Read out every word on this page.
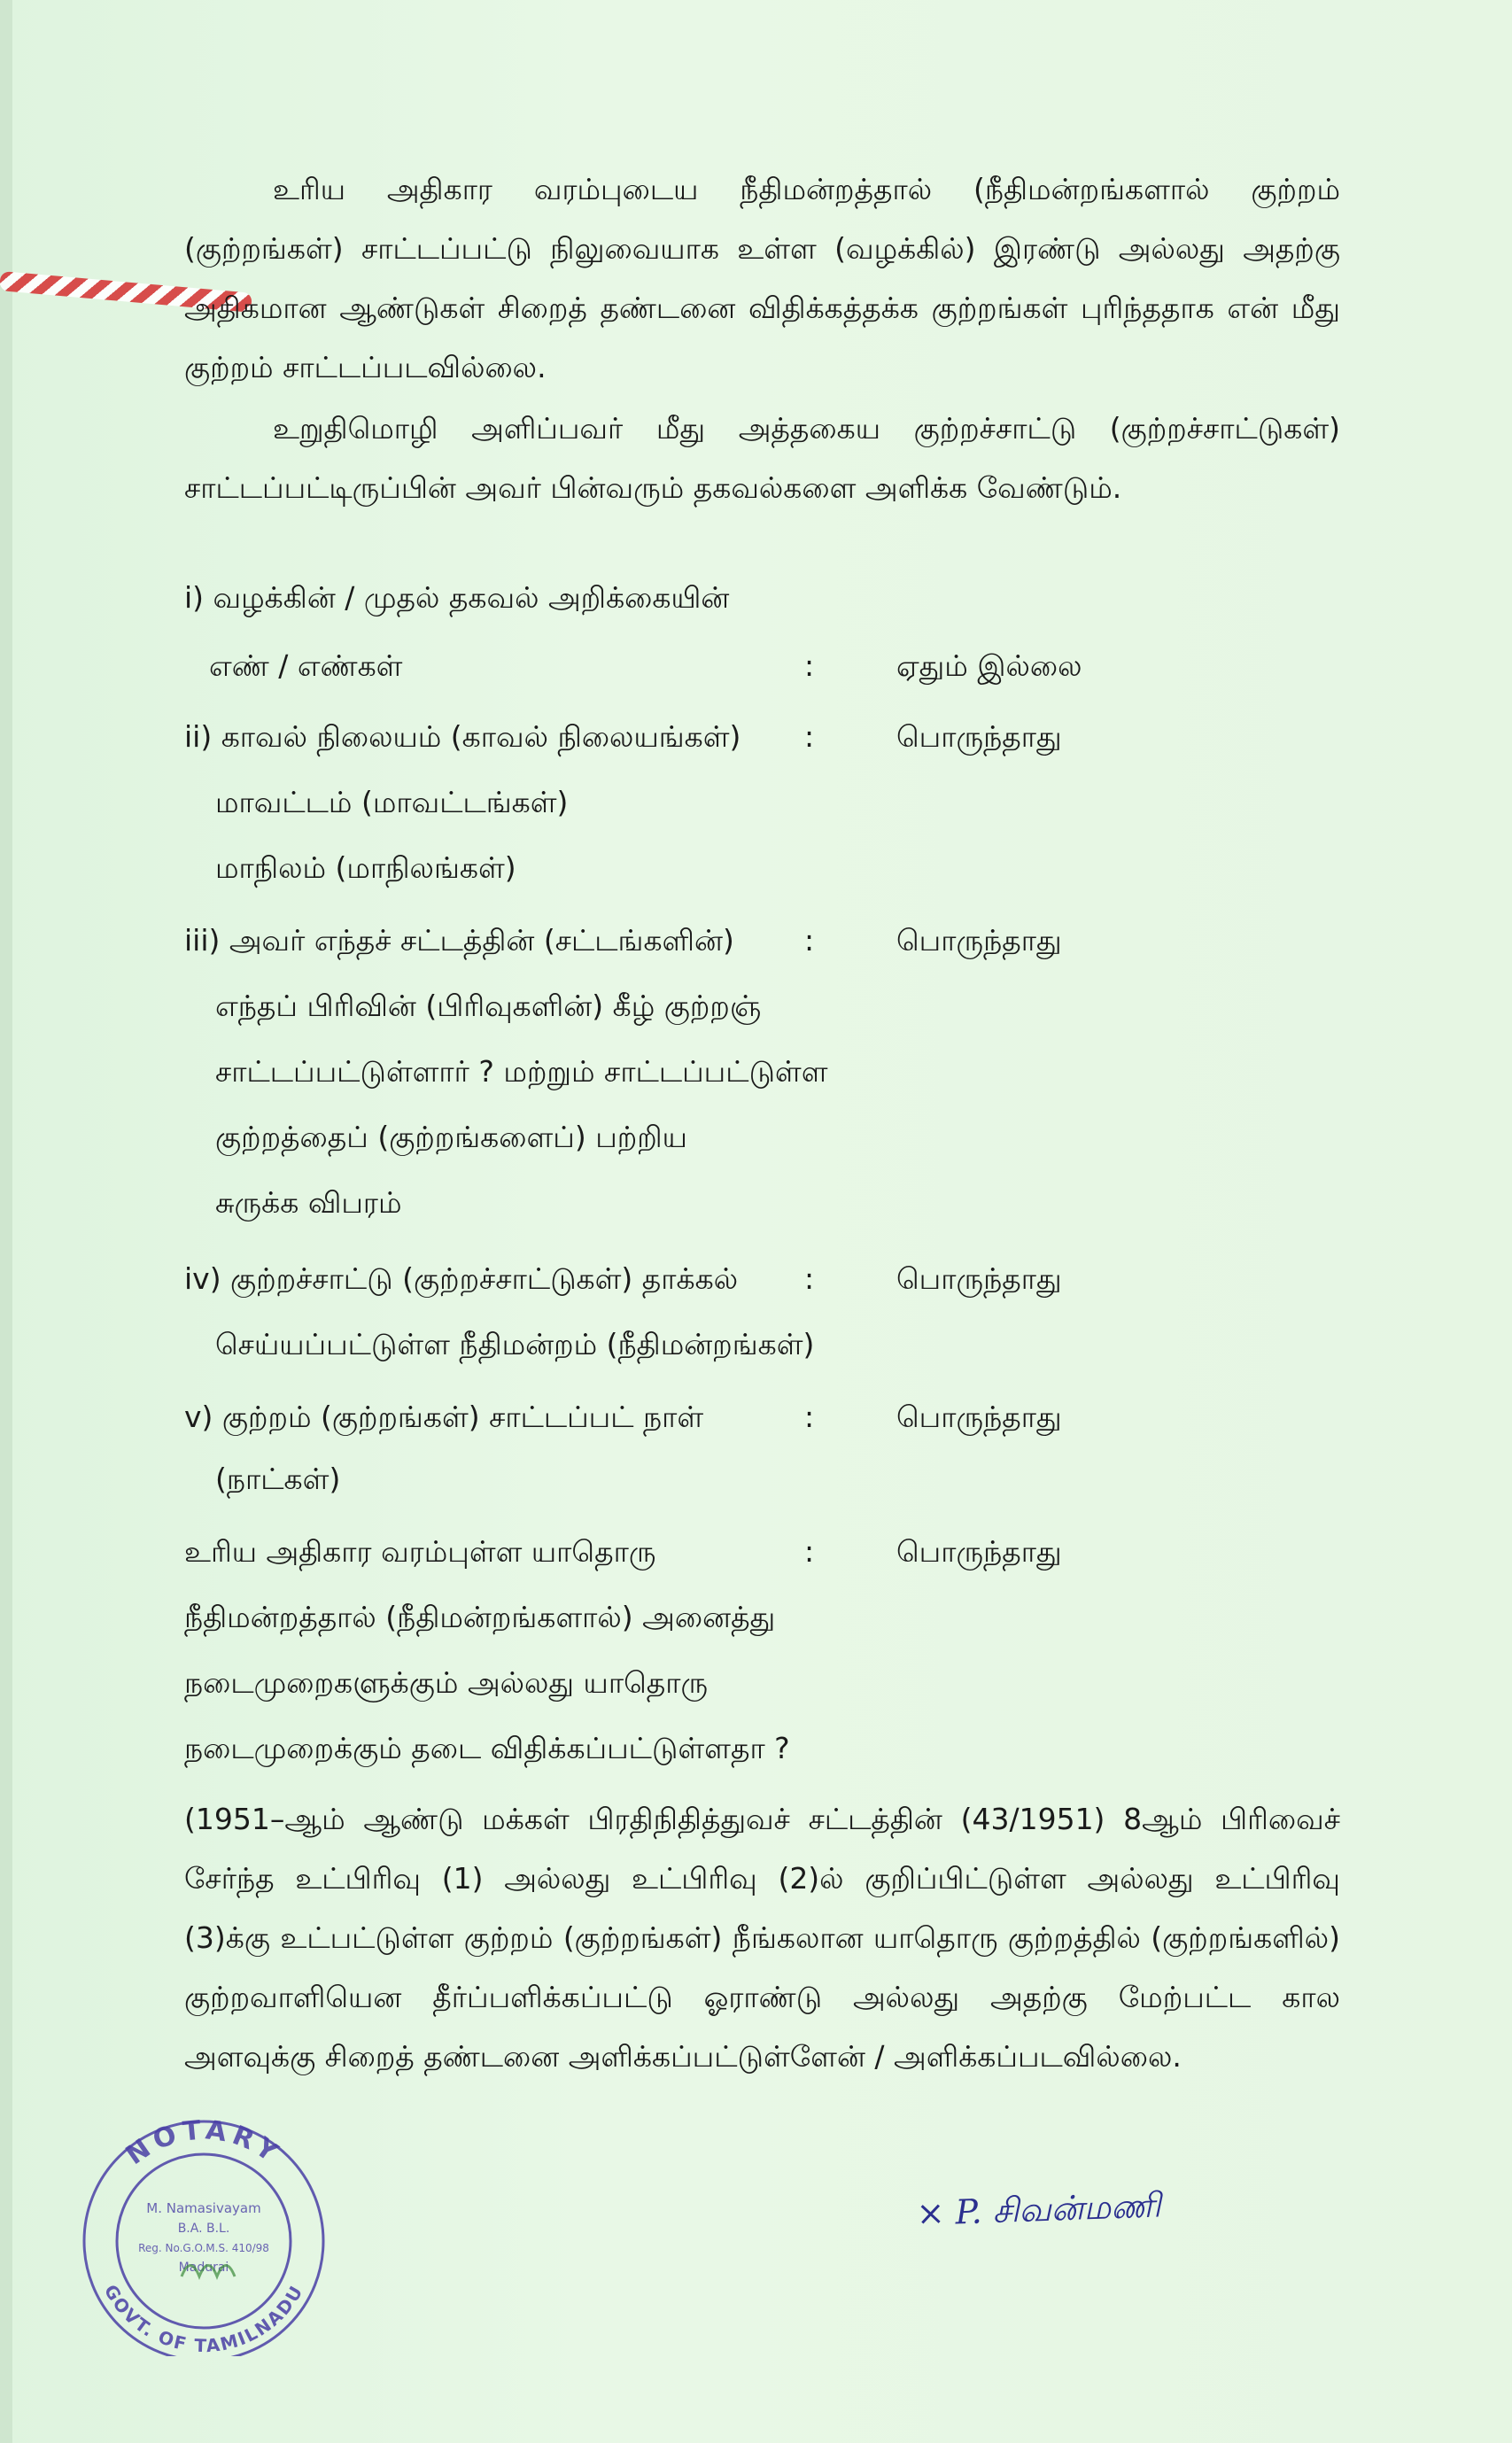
உரிய அதிகார வரம்புடைய நீதிமன்றத்தால் (நீதிமன்றங்களால் குற்றம் (குற்றங்கள்) சாட்டப்பட்டு நிலுவையாக உள்ள (வழக்கில்) இரண்டு அல்லது அதற்கு அதிகமான ஆண்டுகள் சிறைத் தண்டனை விதிக்கத்தக்க குற்றங்கள் புரிந்ததாக என் மீது குற்றம் சாட்டப்படவில்லை.

உறுதிமொழி அளிப்பவர் மீது அத்தகைய குற்றச்சாட்டு (குற்றச்சாட்டுகள்) சாட்டப்பட்டிருப்பின் அவர் பின்வரும் தகவல்களை அளிக்க வேண்டும்.

i) வழக்கின் / முதல் தகவல் அறிக்கையின்
எண் / எண்கள்	:	ஏதும் இல்லை
ii) காவல் நிலையம் (காவல் நிலையங்கள்) :	பொருந்தாது
மாவட்டம் (மாவட்டங்கள்)
மாநிலம் (மாநிலங்கள்)
iii) அவர் எந்தச் சட்டத்தின் (சட்டங்களின்) :	பொருந்தாது
எந்தப் பிரிவின் (பிரிவுகளின்) கீழ் குற்றஞ்
சாட்டப்பட்டுள்ளார் ? மற்றும் சாட்டப்பட்டுள்ள
குற்றத்தைப் (குற்றங்களைப்) பற்றிய
சுருக்க விபரம்
iv) குற்றச்சாட்டு (குற்றச்சாட்டுகள்) தாக்கல் :	பொருந்தாது
செய்யப்பட்டுள்ள நீதிமன்றம் (நீதிமன்றங்கள்)
v) குற்றம் (குற்றங்கள்) சாட்டப்பட் நாள்	:	பொருந்தாது
(நாட்கள்)
உரிய அதிகார வரம்புள்ள யாதொரு	:	பொருந்தாது
நீதிமன்றத்தால் (நீதிமன்றங்களால்) அனைத்து
நடைமுறைகளுக்கும் அல்லது யாதொரு
நடைமுறைக்கும் தடை விதிக்கப்பட்டுள்ளதா ?

(1951–ஆம் ஆண்டு மக்கள் பிரதிநிதித்துவச் சட்டத்தின் (43/1951) 8ஆம் பிரிவைச் சேர்ந்த உட்பிரிவு (1) அல்லது உட்பிரிவு (2)ல் குறிப்பிட்டுள்ள அல்லது உட்பிரிவு (3)க்கு உட்பட்டுள்ள குற்றம் (குற்றங்கள்) நீங்கலான யாதொரு குற்றத்தில் (குற்றங்களில்) குற்றவாளியென தீர்ப்பளிக்கப்பட்டு ஓராண்டு அல்லது அதற்கு மேற்பட்ட கால அளவுக்கு சிறைத் தண்டனை அளிக்கப்பட்டுள்ளேன் / அளிக்கப்படவில்லை.

NOTARY
GOVT. OF TAMILNADU
M. Namasivayam
B.A. B.L.
Reg. No.G.O.M.S. 410/98
Madurai
× P. சிவன்மணி
